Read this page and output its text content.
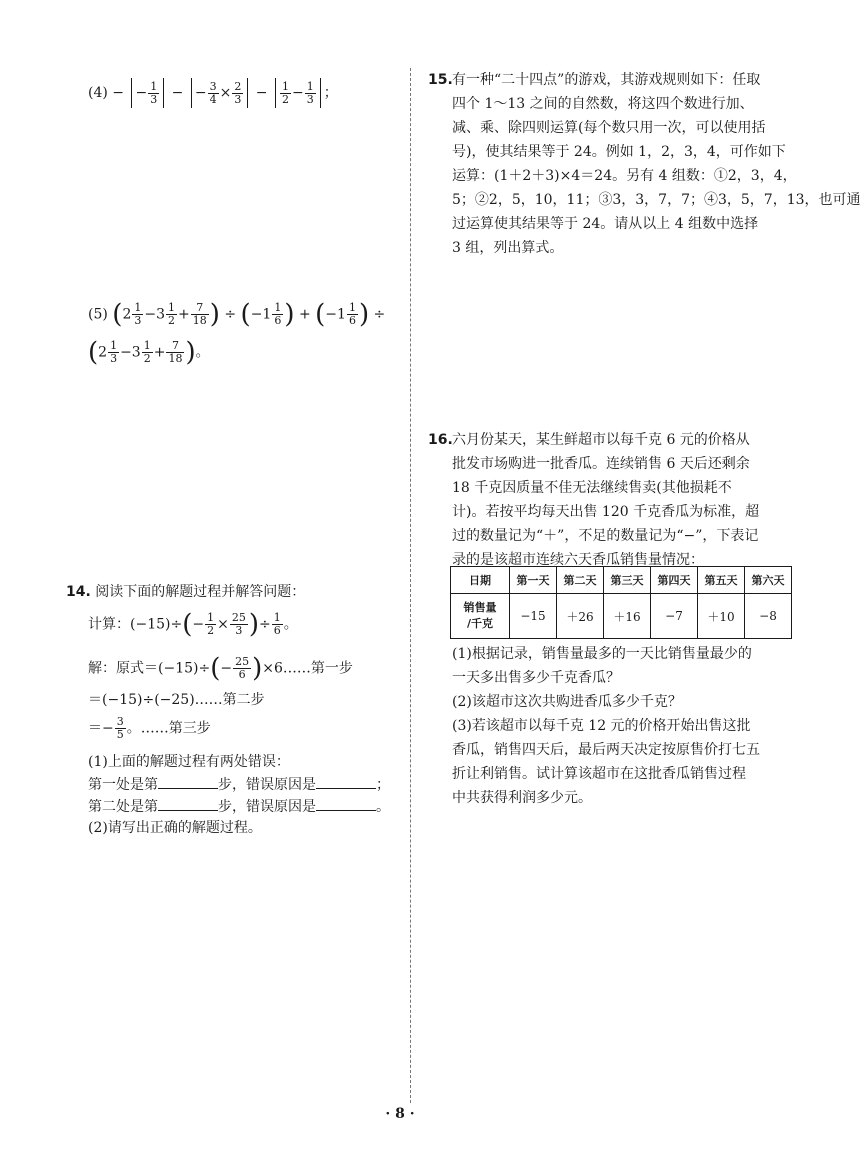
(4) − − $\frac{1}{3}$ − − $\frac{3}{4} \times \frac{2}{3} - \frac{1}{2} - \frac{1}{3}$ ；
(5) ($2 \frac{1}{3} -3 \frac{1}{2} + \frac{7}{18}$ ) ÷ ($-1 \frac{1}{6}$ ) + ($-1 \frac{1}{6}$ ) ÷
($2 \frac{1}{3} -3 \frac{1}{2} + \frac{7}{18}$ )。
14. 阅读下面的解题过程并解答问题：
计算：$(-15)\div(- \frac{1}{2} \times \frac{25}{3}$ )÷ $\frac{1}{6}$ 。
解：原式$=(-15)\div(- \frac{25}{6}$ )×6……第一步
＝(−15)÷(−25)……第二步
＝− $\frac{3}{5}$ 。……第三步
(1)上面的解题过程有两处错误：
第一处是第	步，错误原因是	；
第二处是第	步，错误原因是	。
(2)请写出正确的解题过程。
15. 有一种“二十四点”的游戏，其游戏规则如下：任取
四个 1～13 之间的自然数，将这四个数进行加、
减、乘、除四则运算(每个数只用一次，可以使用括
号)，使其结果等于 24。例如 1，2，3，4，可作如下
运算：(1＋2＋3)×4＝24。另有 4 组数：①2，3，4，
5；②2，5，10，11；③3，3，7，7；④3，5，7，13，也可通
过运算使其结果等于 24。请从以上 4 组数中选择
3 组，列出算式。
16. 六月份某天，某生鲜超市以每千克 6 元的价格从
批发市场购进一批香瓜。连续销售 6 天后还剩余
18 千克因质量不佳无法继续售卖(其他损耗不
计)。若按平均每天出售 120 千克香瓜为标准，超
过的数量记为“＋”，不足的数量记为“−”，下表记
录的是该超市连续六天香瓜销售量情况：
日期	第一天	第二天	第三天	第四天	第五天	第六天
销售量
/千克	−15	＋26	＋16	−7	＋10	−8
(1)根据记录，销售量最多的一天比销售量最少的
一天多出售多少千克香瓜？
(2)该超市这次共购进香瓜多少千克？
(3)若该超市以每千克 12 元的价格开始出售这批
香瓜，销售四天后，最后两天决定按原售价打七五
折让利销售。试计算该超市在这批香瓜销售过程
中共获得利润多少元。
· 8 ·
